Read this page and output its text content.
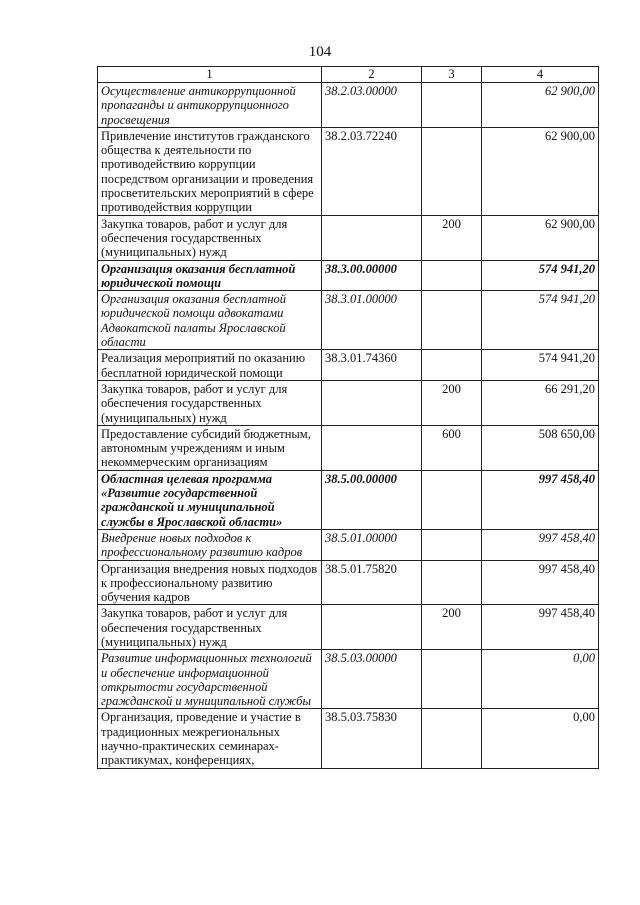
104
1	2	3	4
Осуществление антикоррупционной пропаганды и антикоррупционного просвещения	38.2.03.00000		62 900,00
Привлечение институтов гражданского общества к деятельности по противодействию коррупции посредством организации и проведения просветительских мероприятий в сфере противодействия коррупции	38.2.03.72240		62 900,00
Закупка товаров, работ и услуг для обеспечения государственных (муниципальных) нужд		200	62 900,00
Организация оказания бесплатной юридической помощи	38.3.00.00000		574 941,20
Организация оказания бесплатной юридической помощи адвокатами Адвокатской палаты Ярославской области	38.3.01.00000		574 941,20
Реализация мероприятий по оказанию бесплатной юридической помощи	38.3.01.74360		574 941,20
Закупка товаров, работ и услуг для обеспечения государственных (муниципальных) нужд		200	66 291,20
Предоставление субсидий бюджетным, автономным учреждениям и иным некоммерческим организациям		600	508 650,00
Областная целевая программа «Развитие государственной гражданской и муниципальной службы в Ярославской области»	38.5.00.00000		997 458,40
Внедрение новых подходов к профессиональному развитию кадров	38.5.01.00000		997 458,40
Организация внедрения новых подходов к профессиональному развитию обучения кадров	38.5.01.75820		997 458,40
Закупка товаров, работ и услуг для обеспечения государственных (муниципальных) нужд		200	997 458,40
Развитие информационных технологий и обеспечение информационной открытости государственной гражданской и муниципальной службы	38.5.03.00000		0,00
Организация, проведение и участие в традиционных межрегиональных научно-практических семинарах-практикумах, конференциях,	38.5.03.75830		0,00
